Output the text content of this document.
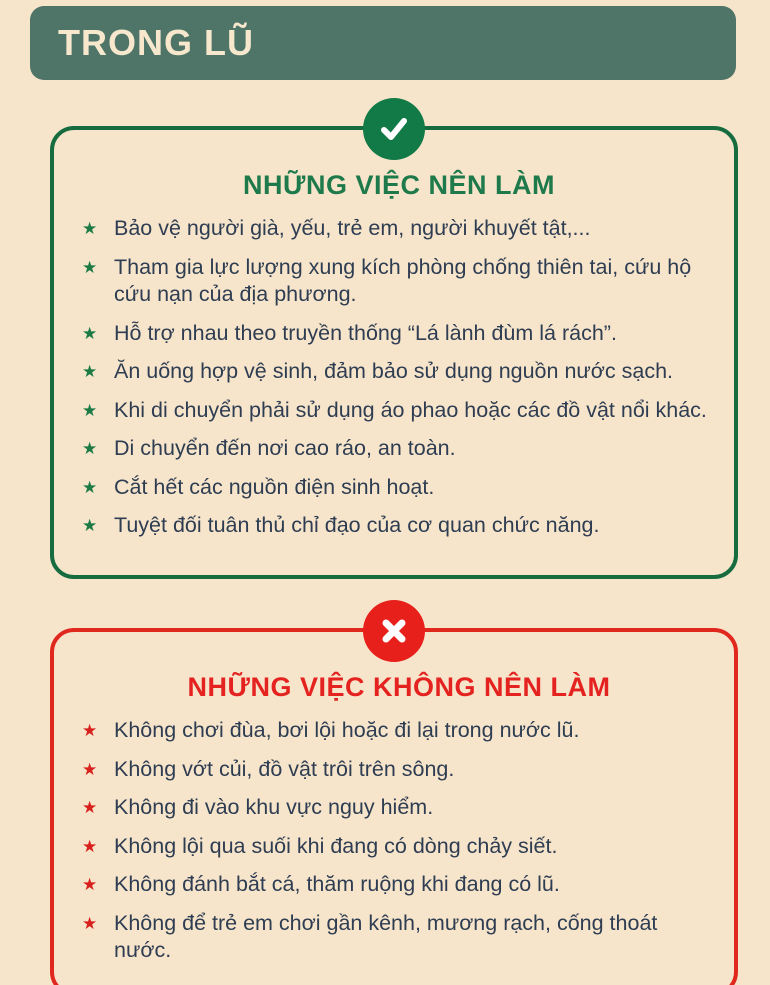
TRONG LŨ
NHỮNG VIỆC NÊN LÀM
★ Bảo vệ người già, yếu, trẻ em, người khuyết tật,...
★ Tham gia lực lượng xung kích phòng chống thiên tai, cứu hộ cứu nạn của địa phương.
★ Hỗ trợ nhau theo truyền thống “Lá lành đùm lá rách”.
★ Ăn uống hợp vệ sinh, đảm bảo sử dụng nguồn nước sạch.
★ Khi di chuyển phải sử dụng áo phao hoặc các đồ vật nổi khác.
★ Di chuyển đến nơi cao ráo, an toàn.
★ Cắt hết các nguồn điện sinh hoạt.
★ Tuyệt đối tuân thủ chỉ đạo của cơ quan chức năng.
NHỮNG VIỆC KHÔNG NÊN LÀM
★ Không chơi đùa, bơi lội hoặc đi lại trong nước lũ.
★ Không vớt củi, đồ vật trôi trên sông.
★ Không đi vào khu vực nguy hiểm.
★ Không lội qua suối khi đang có dòng chảy siết.
★ Không đánh bắt cá, thăm ruộng khi đang có lũ.
★ Không để trẻ em chơi gần kênh, mương rạch, cống thoát nước.
